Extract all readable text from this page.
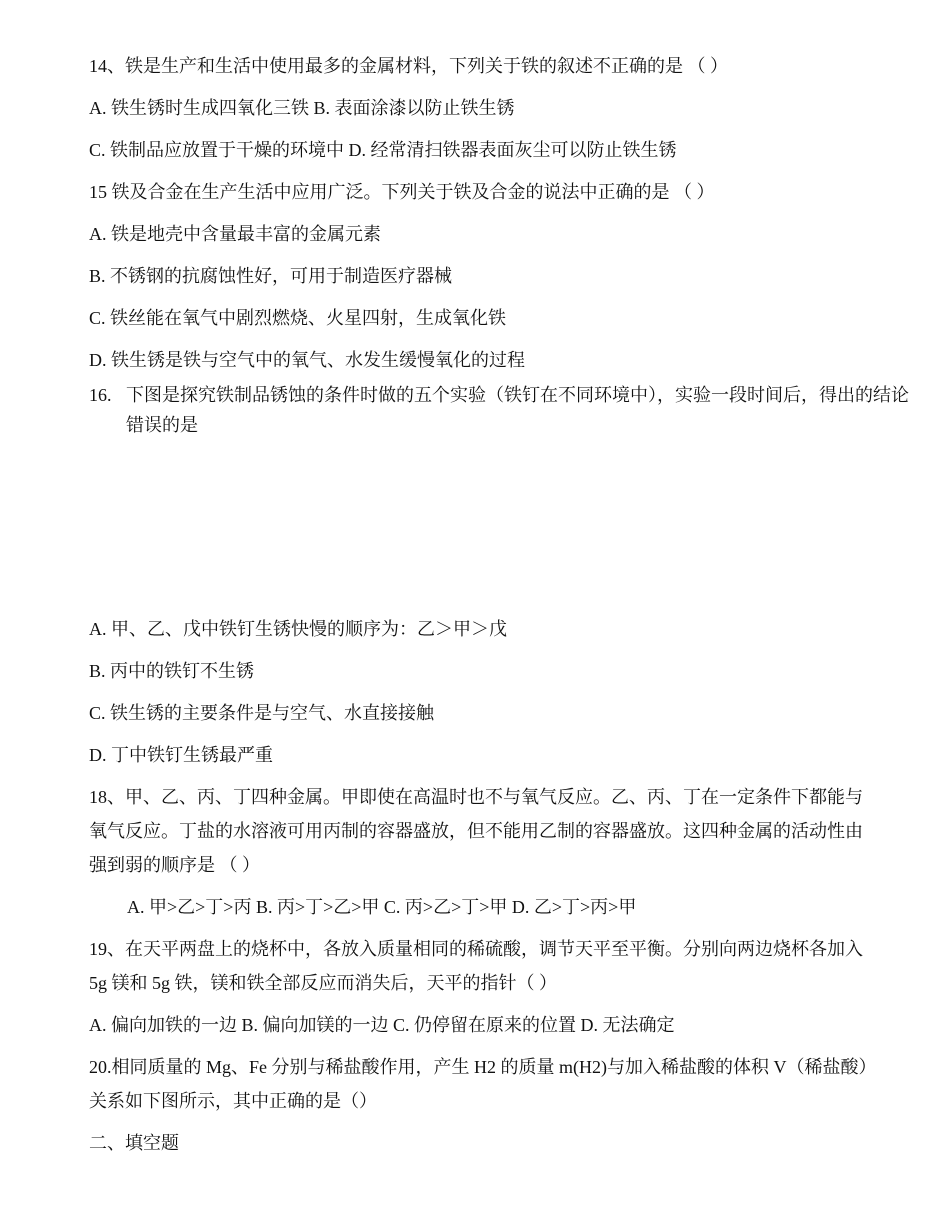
14、铁是生产和生活中使用最多的金属材料，下列关于铁的叙述不正确的是 （ ）
A. 铁生锈时生成四氧化三铁 B. 表面涂漆以防止铁生锈
C. 铁制品应放置于干燥的环境中 D. 经常清扫铁器表面灰尘可以防止铁生锈
15 铁及合金在生产生活中应用广泛。下列关于铁及合金的说法中正确的是 （ ）
A. 铁是地壳中含量最丰富的金属元素
B. 不锈钢的抗腐蚀性好，可用于制造医疗器械
C. 铁丝能在氧气中剧烈燃烧、火星四射，生成氧化铁
D. 铁生锈是铁与空气中的氧气、水发生缓慢氧化的过程
16. 下图是探究铁制品锈蚀的条件时做的五个实验（铁钉在不同环境中），实验一段时间后，得出的结论错误的是
A. 甲、乙、戊中铁钉生锈快慢的顺序为：乙＞甲＞戊
B. 丙中的铁钉不生锈
C. 铁生锈的主要条件是与空气、水直接接触
D. 丁中铁钉生锈最严重
18、甲、乙、丙、丁四种金属。甲即使在高温时也不与氧气反应。乙、丙、丁在一定条件下都能与
氧气反应。丁盐的水溶液可用丙制的容器盛放，但不能用乙制的容器盛放。这四种金属的活动性由
强到弱的顺序是 （ ）
A. 甲>乙>丁>丙 B. 丙>丁>乙>甲 C. 丙>乙>丁>甲 D. 乙>丁>丙>甲
19、在天平两盘上的烧杯中，各放入质量相同的稀硫酸，调节天平至平衡。分别向两边烧杯各加入
5g 镁和 5g 铁，镁和铁全部反应而消失后，天平的指针（ ）
A. 偏向加铁的一边 B. 偏向加镁的一边 C. 仍停留在原来的位置 D. 无法确定
20.相同质量的 Mg、Fe 分别与稀盐酸作用，产生 H2 的质量 m(H2)与加入稀盐酸的体积 V（稀盐酸）
关系如下图所示，其中正确的是（）
二、填空题
